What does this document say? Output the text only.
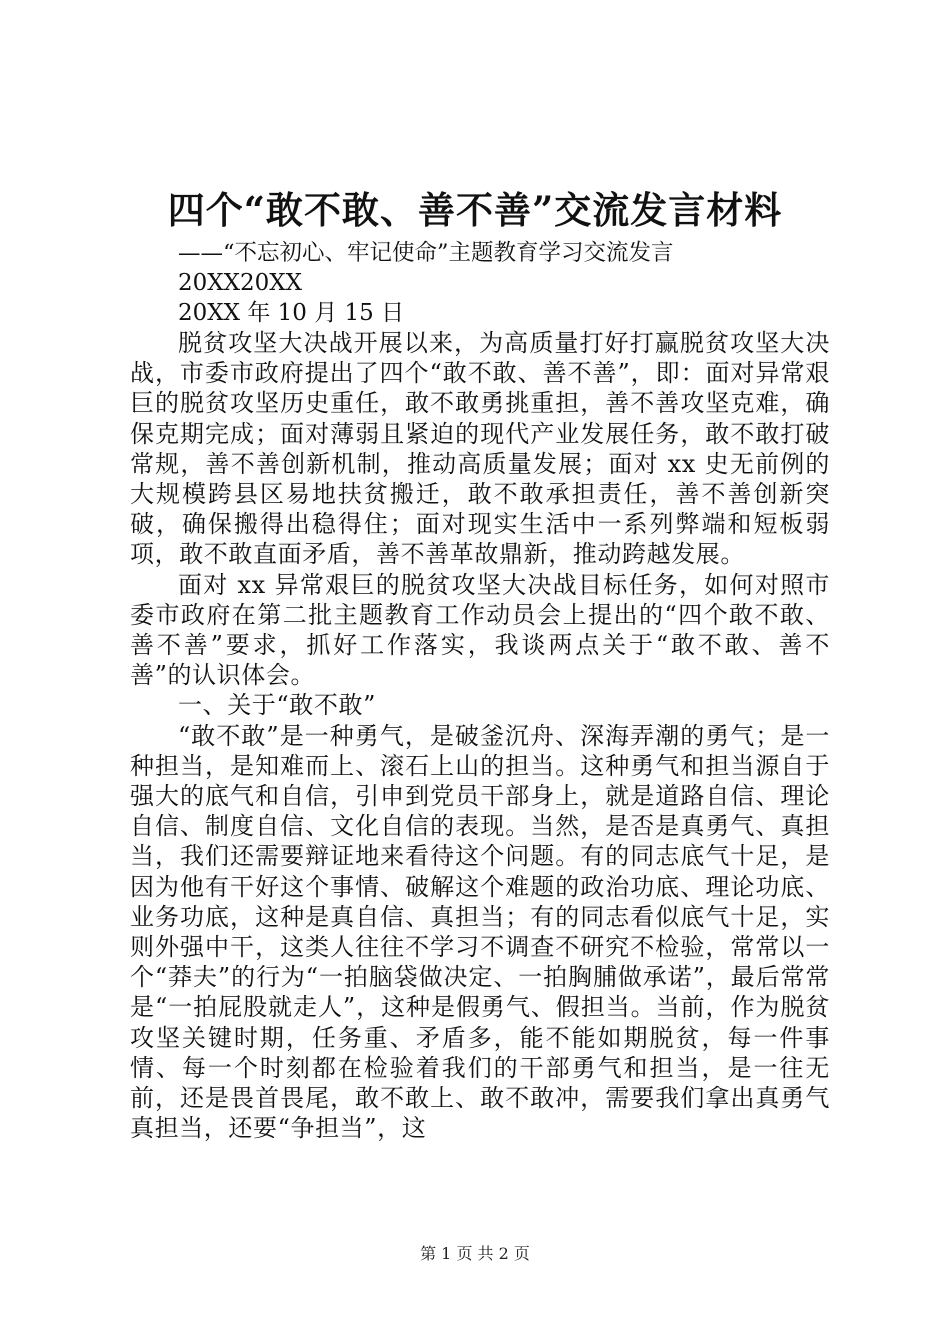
四个“敢不敢、善不善”交流发言材料
——“不忘初心、牢记使命”主题教育学习交流发言
20XX20XX
20XX 年 10 月 15 日

脱贫攻坚大决战开展以来，为高质量打好打赢脱贫攻坚大决战，市委市政府提出了四个“敢不敢、善不善”，即：面对异常艰巨的脱贫攻坚历史重任，敢不敢勇挑重担，善不善攻坚克难，确保克期完成；面对薄弱且紧迫的现代产业发展任务，敢不敢打破常规，善不善创新机制，推动高质量发展；面对 xx 史无前例的大规模跨县区易地扶贫搬迁，敢不敢承担责任，善不善创新突破，确保搬得出稳得住；面对现实生活中一系列弊端和短板弱项，敢不敢直面矛盾，善不善革故鼎新，推动跨越发展。

面对 xx 异常艰巨的脱贫攻坚大决战目标任务，如何对照市委市政府在第二批主题教育工作动员会上提出的“四个敢不敢、善不善”要求，抓好工作落实，我谈两点关于“敢不敢、善不善”的认识体会。

一、关于“敢不敢”

“敢不敢”是一种勇气，是破釜沉舟、深海弄潮的勇气；是一种担当，是知难而上、滚石上山的担当。这种勇气和担当源自于强大的底气和自信，引申到党员干部身上，就是道路自信、理论自信、制度自信、文化自信的表现。当然，是否是真勇气、真担当，我们还需要辩证地来看待这个问题。有的同志底气十足，是因为他有干好这个事情、破解这个难题的政治功底、理论功底、业务功底，这种是真自信、真担当；有的同志看似底气十足，实则外强中干，这类人往往不学习不调查不研究不检验，常常以一个“莽夫”的行为“一拍脑袋做决定、一拍胸脯做承诺”，最后常常是“一拍屁股就走人”，这种是假勇气、假担当。当前，作为脱贫攻坚关键时期，任务重、矛盾多，能不能如期脱贫，每一件事情、每一个时刻都在检验着我们的干部勇气和担当，是一往无前，还是畏首畏尾，敢不敢上、敢不敢冲，需要我们拿出真勇气真担当，还要“争担当”，这

第 1 页 共 2 页
